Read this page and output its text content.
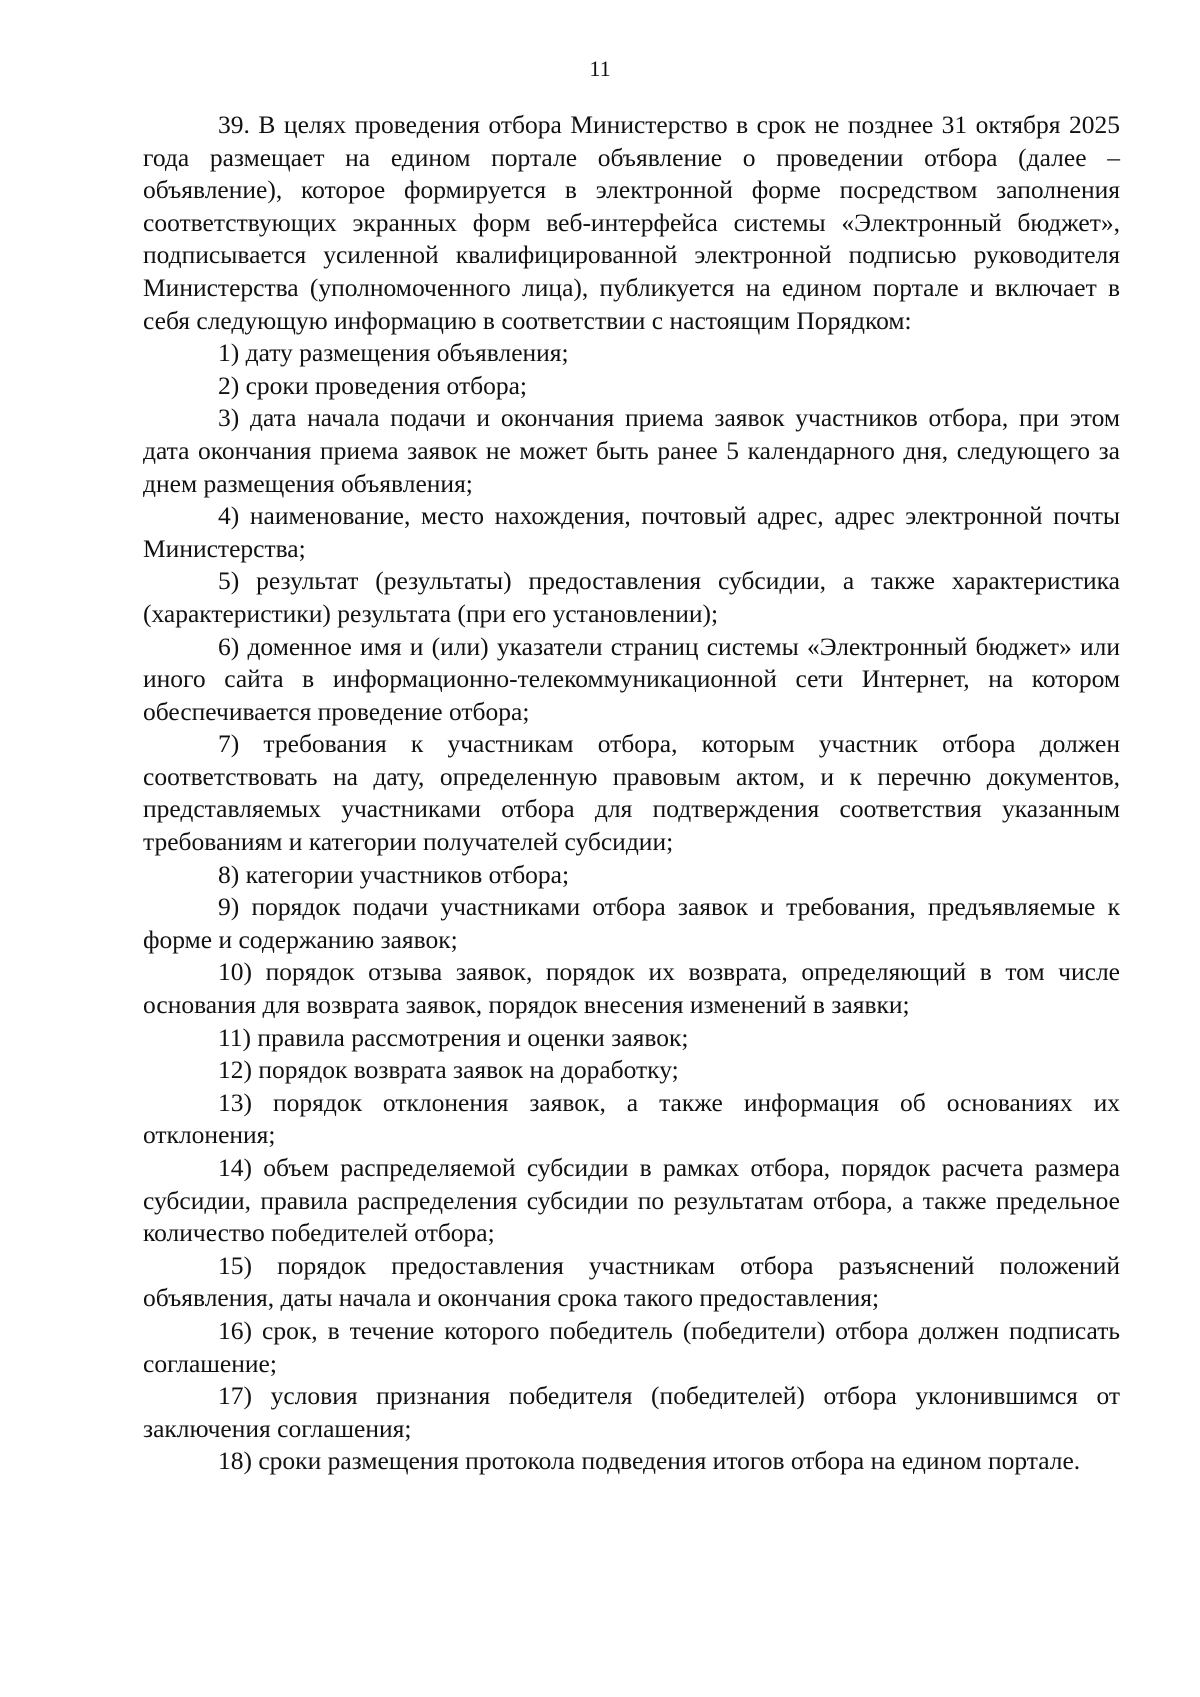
11

39. В целях проведения отбора Министерство в срок не позднее 31 октября 2025 года размещает на едином портале объявление о проведении отбора (далее – объявление), которое формируется в электронной форме посредством заполнения соответствующих экранных форм веб-интерфейса системы «Электронный бюджет», подписывается усиленной квалифицированной электронной подписью руководителя Министерства (уполномоченного лица), публикуется на едином портале и включает в себя следующую информацию в соответствии с настоящим Порядком:

1) дату размещения объявления;

2) сроки проведения отбора;

3) дата начала подачи и окончания приема заявок участников отбора, при этом дата окончания приема заявок не может быть ранее 5 календарного дня, следующего за днем размещения объявления;

4) наименование, место нахождения, почтовый адрес, адрес электронной почты Министерства;

5) результат (результаты) предоставления субсидии, а также характеристика (характеристики) результата (при его установлении);

6) доменное имя и (или) указатели страниц системы «Электронный бюджет» или иного сайта в информационно-телекоммуникационной сети Интернет, на котором обеспечивается проведение отбора;

7) требования к участникам отбора, которым участник отбора должен соответствовать на дату, определенную правовым актом, и к перечню документов, представляемых участниками отбора для подтверждения соответствия указанным требованиям и категории получателей субсидии;

8) категории участников отбора;

9) порядок подачи участниками отбора заявок и требования, предъявляемые к форме и содержанию заявок;

10) порядок отзыва заявок, порядок их возврата, определяющий в том числе основания для возврата заявок, порядок внесения изменений в заявки;

11) правила рассмотрения и оценки заявок;

12) порядок возврата заявок на доработку;

13) порядок отклонения заявок, а также информация об основаниях их отклонения;

14) объем распределяемой субсидии в рамках отбора, порядок расчета размера субсидии, правила распределения субсидии по результатам отбора, а также предельное количество победителей отбора;

15) порядок предоставления участникам отбора разъяснений положений объявления, даты начала и окончания срока такого предоставления;

16) срок, в течение которого победитель (победители) отбора должен подписать соглашение;

17) условия признания победителя (победителей) отбора уклонившимся от заключения соглашения;

18) сроки размещения протокола подведения итогов отбора на едином портале.
